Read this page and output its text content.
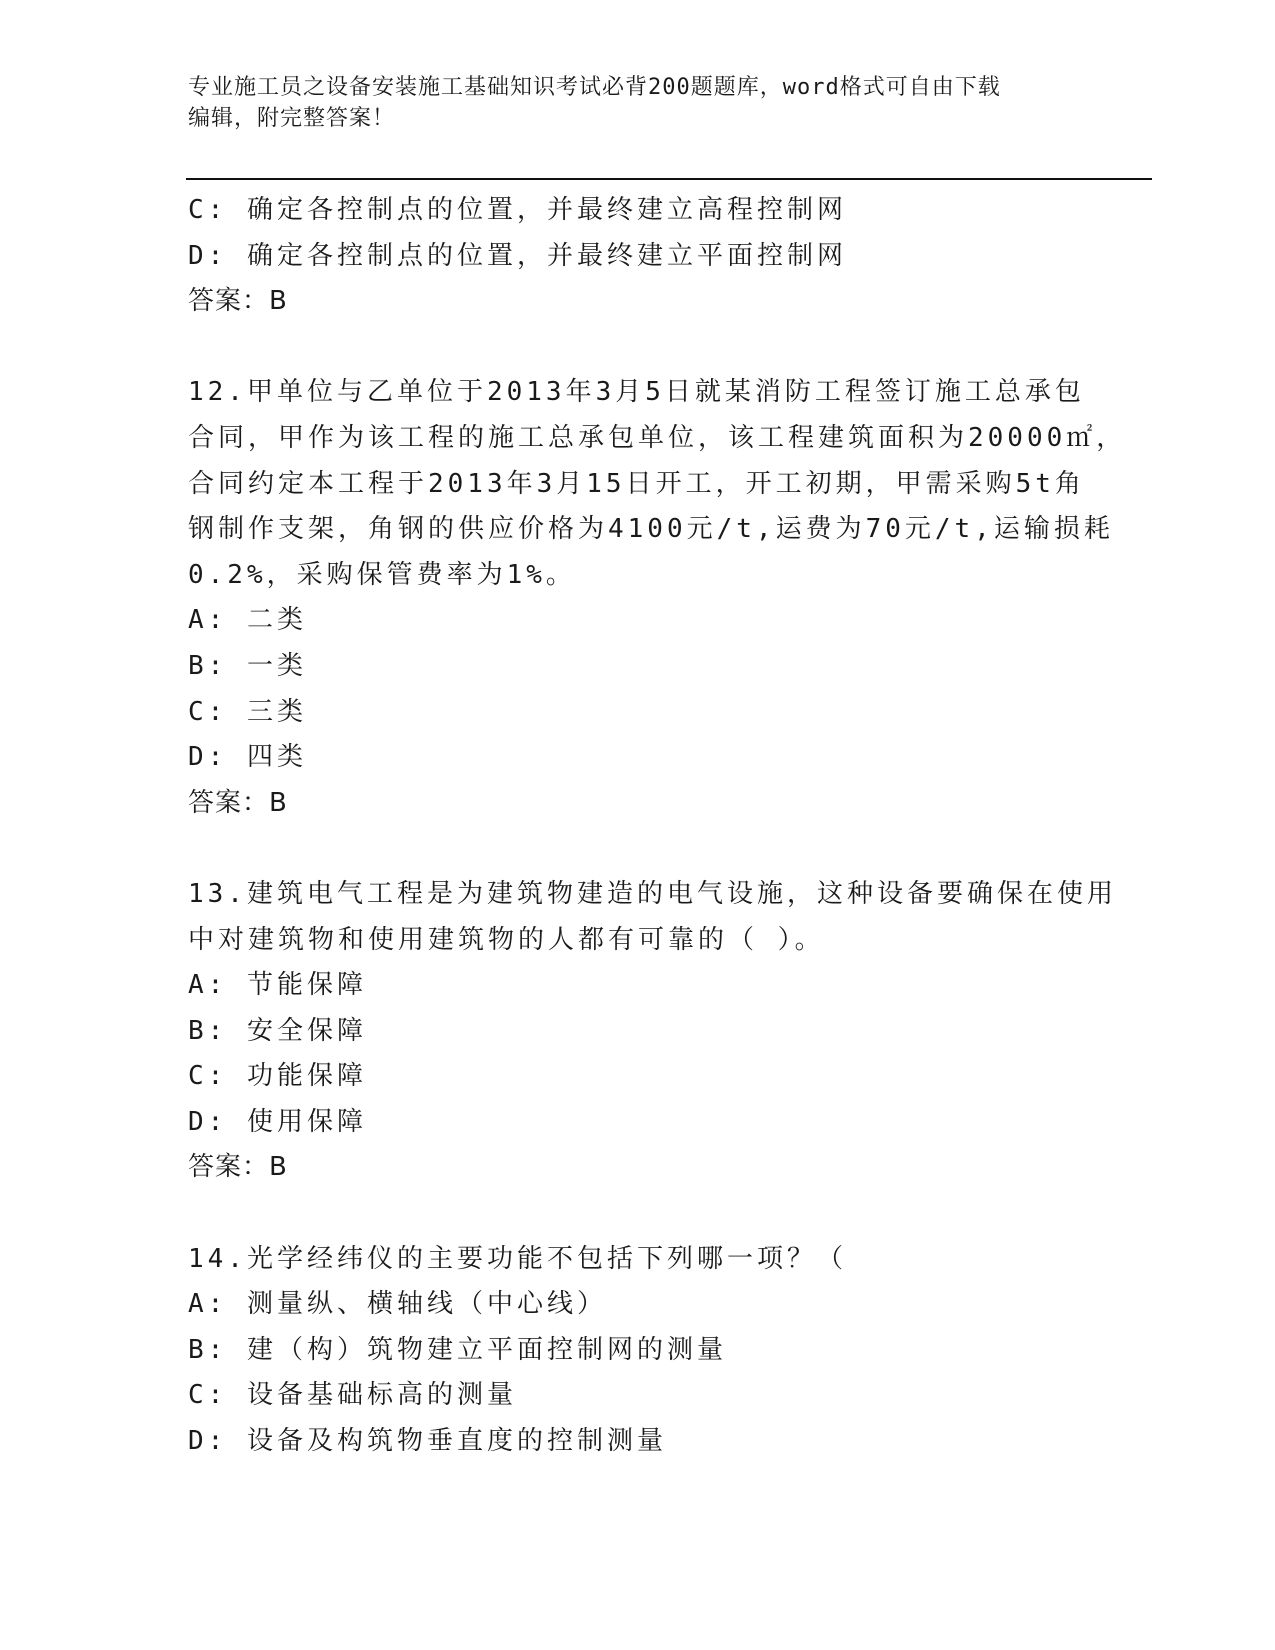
专业施工员之设备安装施工基础知识考试必背200题题库，word格式可自由下载
编辑，附完整答案！
C: 确定各控制点的位置，并最终建立高程控制网
D: 确定各控制点的位置，并最终建立平面控制网
答案：B
12.甲单位与乙单位于2013年3月5日就某消防工程签订施工总承包
合同，甲作为该工程的施工总承包单位，该工程建筑面积为20000㎡，
合同约定本工程于2013年3月15日开工，开工初期，甲需采购5t角
钢制作支架，角钢的供应价格为4100元/t,运费为70元/t,运输损耗
0.2%，采购保管费率为1%。
A: 二类
B: 一类
C: 三类
D: 四类
答案：B
13.建筑电气工程是为建筑物建造的电气设施，这种设备要确保在使用
中对建筑物和使用建筑物的人都有可靠的（ ）。
A: 节能保障
B: 安全保障
C: 功能保障
D: 使用保障
答案：B
14.光学经纬仪的主要功能不包括下列哪一项？（
A: 测量纵、横轴线（中心线）
B: 建（构）筑物建立平面控制网的测量
C: 设备基础标高的测量
D: 设备及构筑物垂直度的控制测量
